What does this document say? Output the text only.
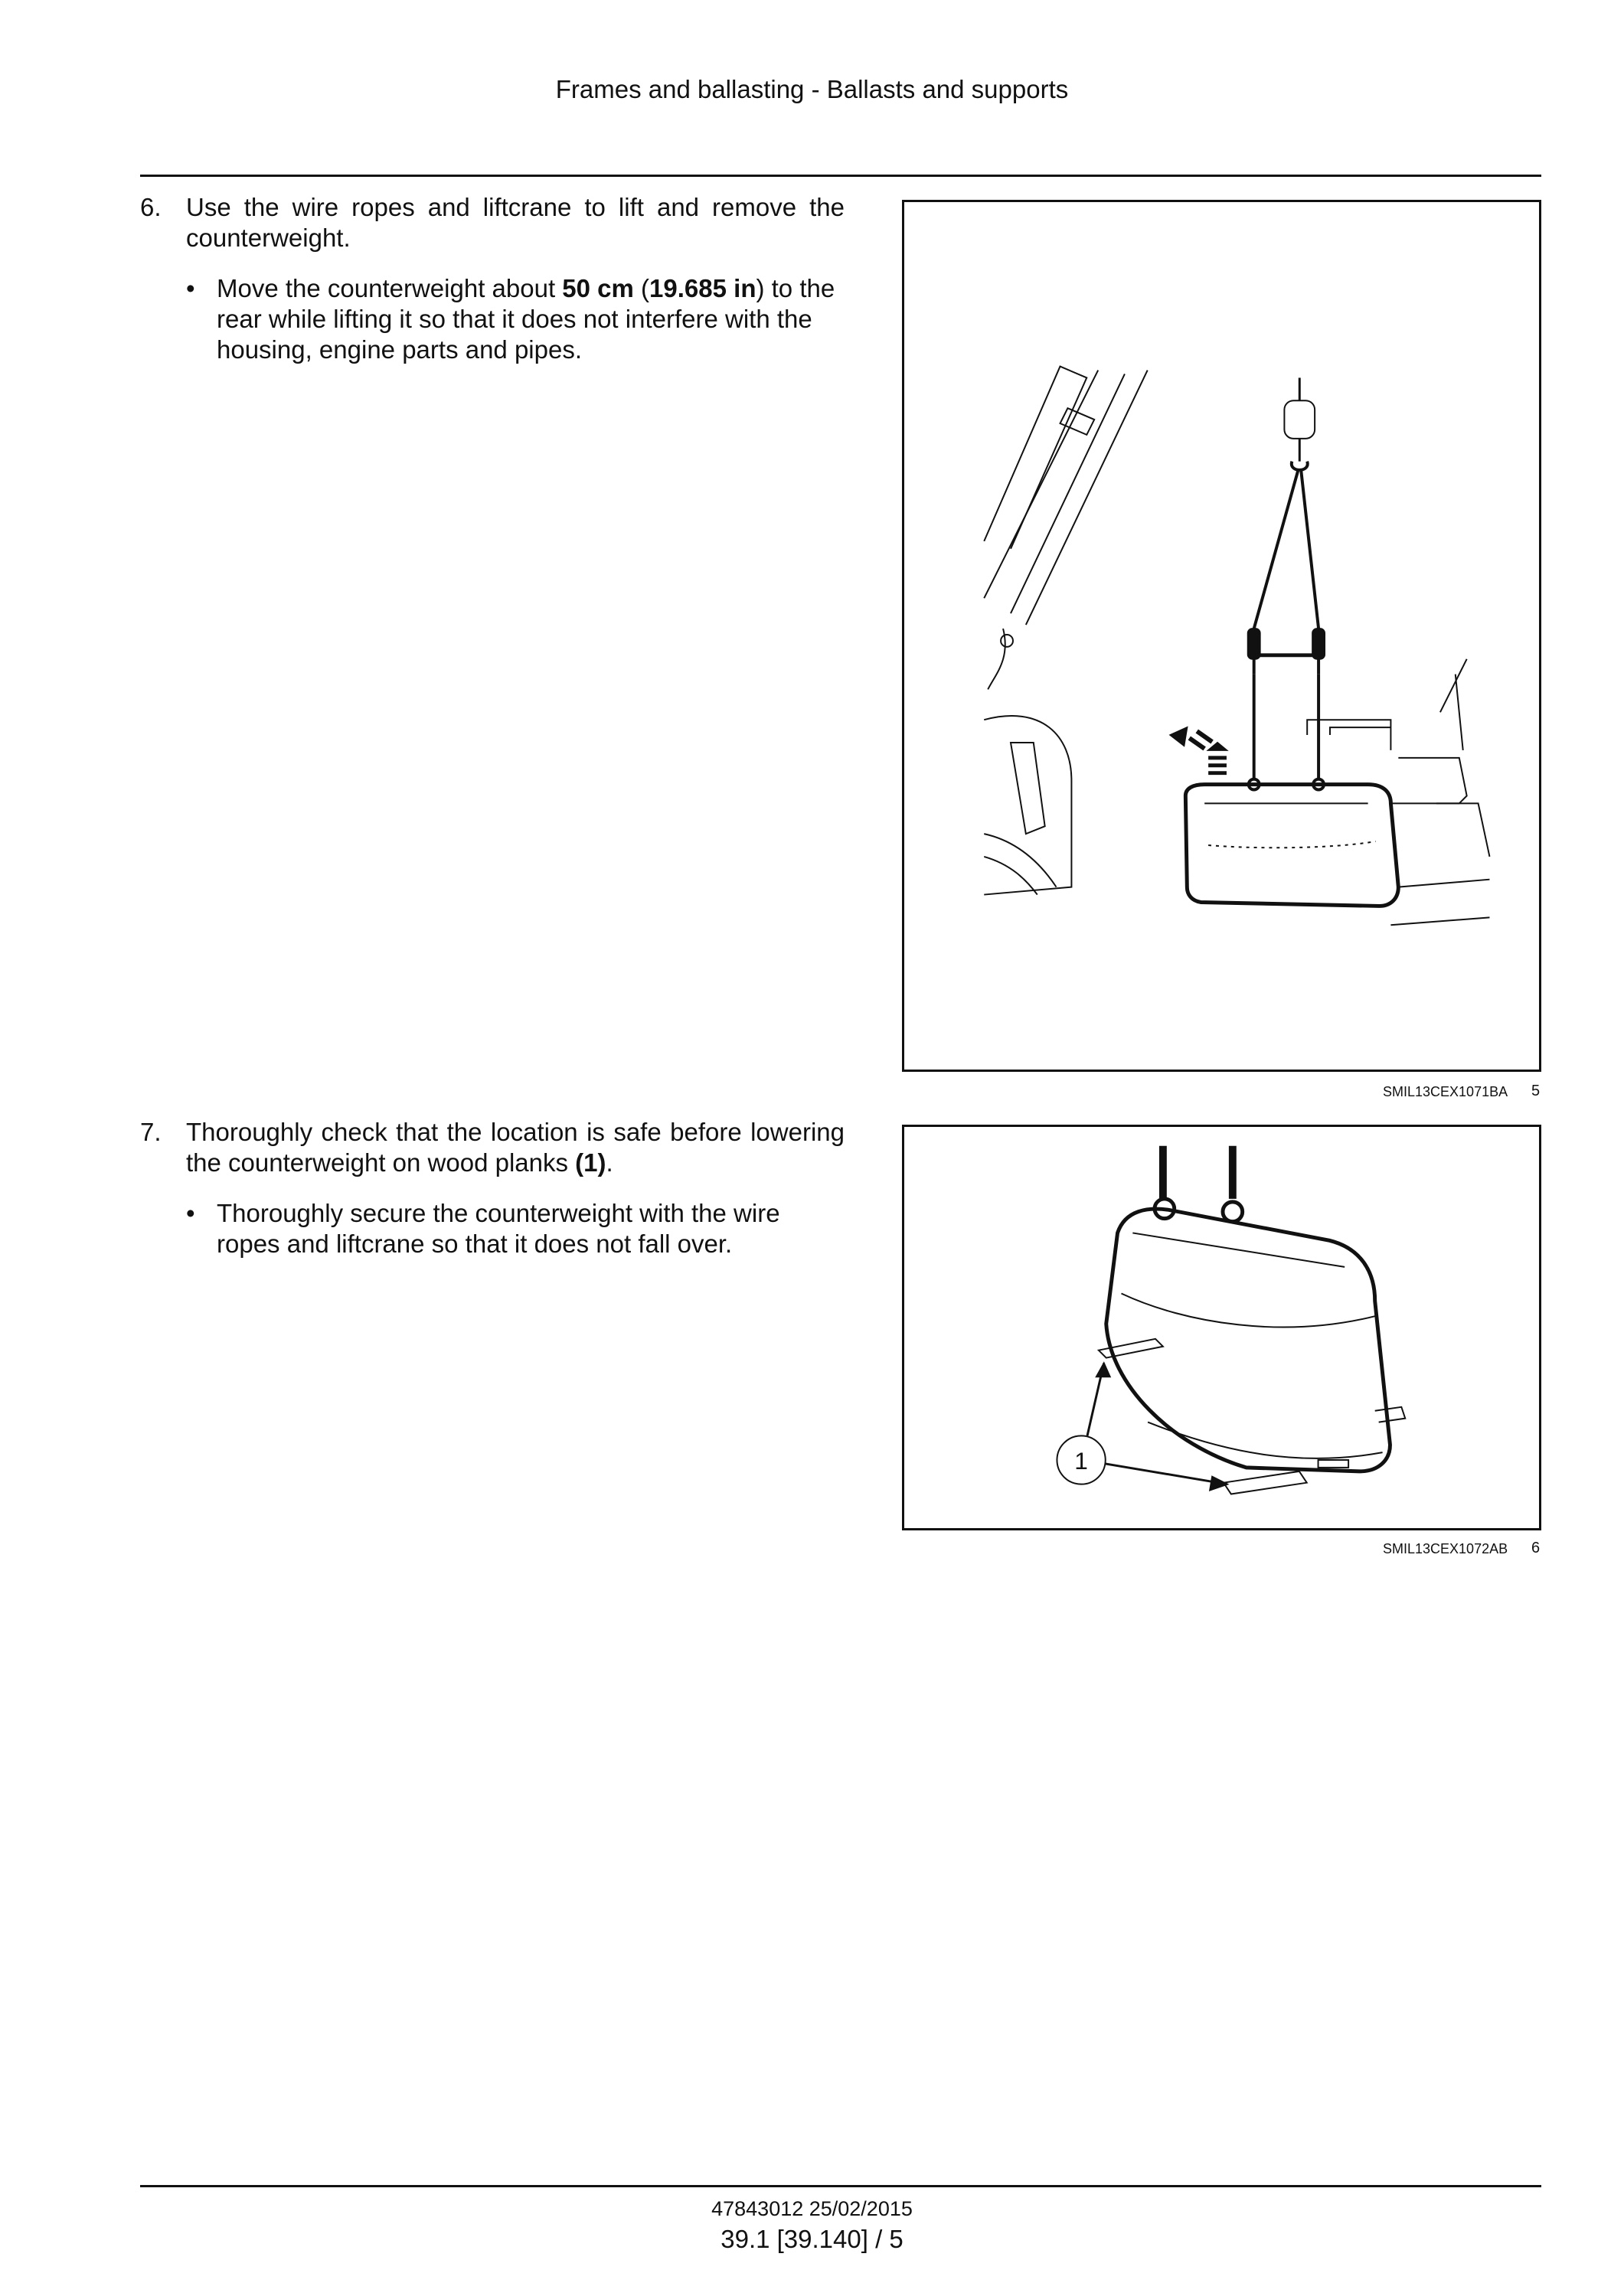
Frames and ballasting - Ballasts and supports
6. Use the wire ropes and liftcrane to lift and remove the counterweight.
• Move the counterweight about 50 cm (19.685 in) to the rear while lifting it so that it does not interfere with the housing, engine parts and pipes.
SMIL13CEX1071BA 5
7. Thoroughly check that the location is safe before lowering the counterweight on wood planks (1).
• Thoroughly secure the counterweight with the wire ropes and liftcrane so that it does not fall over.
1
SMIL13CEX1072AB 6
47843012 25/02/2015
39.1 [39.140] / 5
